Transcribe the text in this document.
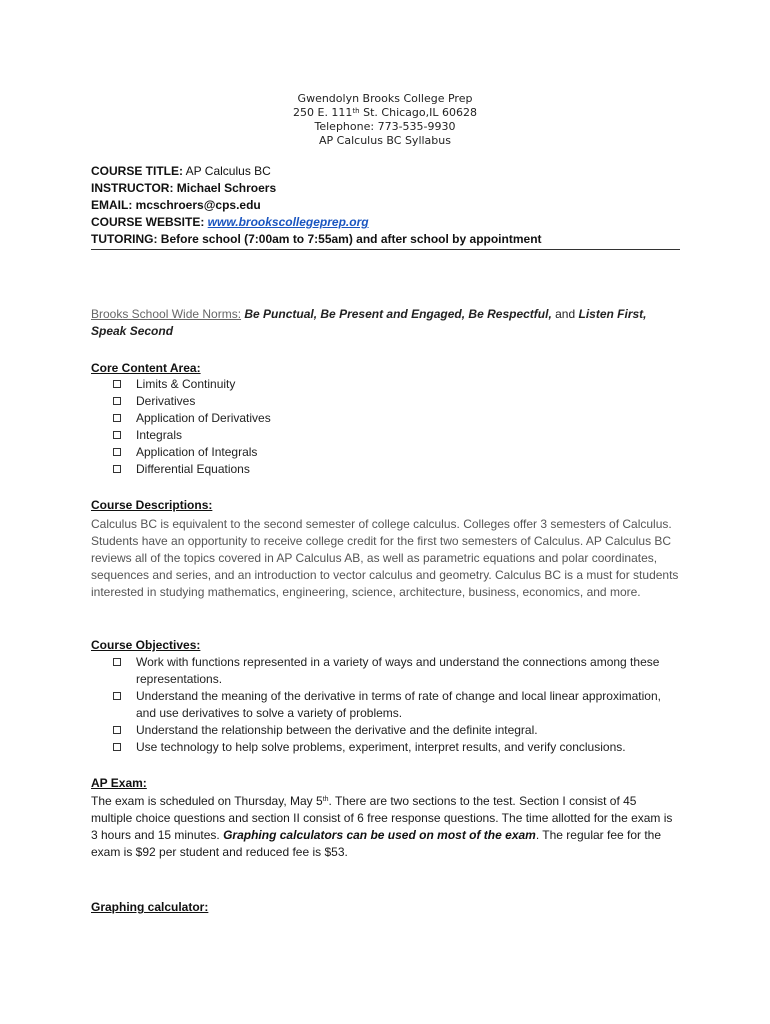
Gwendolyn Brooks College Prep
250 E. 111th St. Chicago,IL 60628
Telephone: 773-535-9930
AP Calculus BC Syllabus
COURSE TITLE: AP Calculus BC
INSTRUCTOR: Michael Schroers
EMAIL: mcschroers@cps.edu
COURSE WEBSITE: www.brookscollegeprep.org
TUTORING: Before school (7:00am to 7:55am) and after school by appointment
Brooks School Wide Norms: Be Punctual, Be Present and Engaged, Be Respectful, and Listen First, Speak Second
Core Content Area:
Limits & Continuity
Derivatives
Application of Derivatives
Integrals
Application of Integrals
Differential Equations
Course Descriptions:
Calculus BC is equivalent to the second semester of college calculus. Colleges offer 3 semesters of Calculus. Students have an opportunity to receive college credit for the first two semesters of Calculus. AP Calculus BC reviews all of the topics covered in AP Calculus AB, as well as parametric equations and polar coordinates, sequences and series, and an introduction to vector calculus and geometry. Calculus BC is a must for students interested in studying mathematics, engineering, science, architecture, business, economics, and more.
Course Objectives:
Work with functions represented in a variety of ways and understand the connections among these representations.
Understand the meaning of the derivative in terms of rate of change and local linear approximation, and use derivatives to solve a variety of problems.
Understand the relationship between the derivative and the definite integral.
Use technology to help solve problems, experiment, interpret results, and verify conclusions.
AP Exam:
The exam is scheduled on Thursday, May 5th. There are two sections to the test. Section I consist of 45 multiple choice questions and section II consist of 6 free response questions. The time allotted for the exam is 3 hours and 15 minutes. Graphing calculators can be used on most of the exam. The regular fee for the exam is $92 per student and reduced fee is $53.
Graphing calculator:
